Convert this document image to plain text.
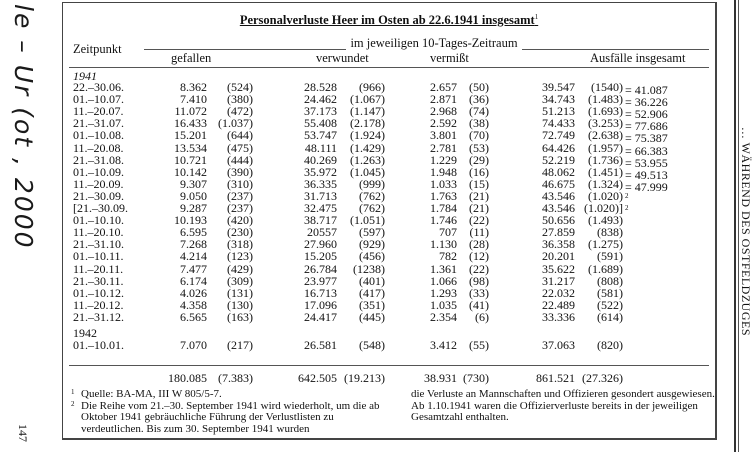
le – Ur (ot , 2000
147
… WÄHREND DES OSTFELDZUGES
Personalverluste Heer im Osten ab 22.6.1941 insgesamt$^1$
im jeweiligen 10-Tages-Zeitraum
Zeitpunkt
gefallen	verwundet	vermißt	Ausfälle insgesamt
1941
22.–30.06.	8.362	(524)	28.528	(966)	2.657	(50)	39.547	(1540) = 41.087
01.–10.07.	7.410	(380)	24.462	(1.067)	2.871	(36)	34.743	(1.483) = 36.226
11.–20.07.	11.072	(472)	37.173	(1.147)	2.968	(74)	51.213	(1.693) = 52.906
21.–31.07.	16.433 (1.037)	55.408	(2.178)	2.592	(38)	74.433	(3.253) = 77.686
01.–10.08.	15.201	(644)	53.747	(1.924)	3.801	(70)	72.749	(2.638) = 75.387
11.–20.08.	13.534	(475)	48.111	(1.429)	2.781	(53)	64.426	(1.957) = 66.383
21.–31.08.	10.721	(444)	40.269	(1.263)	1.229	(29)	52.219	(1.736) = 53.955
01.–10.09.	10.142	(390)	35.972	(1.045)	1.948	(16)	48.062	(1.451) = 49.513
11.–20.09.	9.307	(310)	36.335	(999)	1.033	(15)	46.675	(1.324) = 47.999
21.–30.09.	9.050	(237)	31.713	(762)	1.763	(21)	43.546	(1.020) $^2$
[21.–30.09.	9.287	(237)	32.475	(762)	1.784	(21)	43.546 (1.020)] $^2$
01.–10.10.	10.193	(420)	38.717	(1.051)	1.746	(22)	50.656	(1.493)
11.–20.10.	6.595	(230)	20557	(597)	707	(11)	27.859	(838)
21.–31.10.	7.268	(318)	27.960	(929)	1.130	(28)	36.358	(1.275)
01.–10.11.	4.214	(123)	15.205	(456)	782	(12)	20.201	(591)
11.–20.11.	7.477	(429)	26.784	(1238)	1.361	(22)	35.622	(1.689)
21.–30.11.	6.174	(309)	23.977	(401)	1.066	(98)	31.217	(808)
01.–10.12.	4.026	(131)	16.713	(417)	1.293	(33)	22.032	(581)
11.–20.12.	4.358	(130)	17.096	(351)	1.035	(41)	22.489	(522)
21.–31.12.	6.565	(163)	24.417	(445)	2.354	(6)	33.336	(614)
1942
01.–10.01.	7.070	(217)	26.581	(548)	3.412	(55)	37.063	(820)
180.085 (7.383)	642.505 (19.213)	38.931 (730)	861.521 (27.326)
1 Quelle: BA-MA, III W 805/5-7.
2 Die Reihe vom 21.–30. September 1941 wird wiederholt, um die ab Oktober 1941 gebräuchliche Führung der Verlustlisten zu verdeutlichen. Bis zum 30. September 1941 wurden
die Verluste an Mannschaften und Offizieren gesondert ausgewiesen. Ab 1.10.1941 waren die Offizierverluste bereits in der jeweiligen Gesamtzahl enthalten.
